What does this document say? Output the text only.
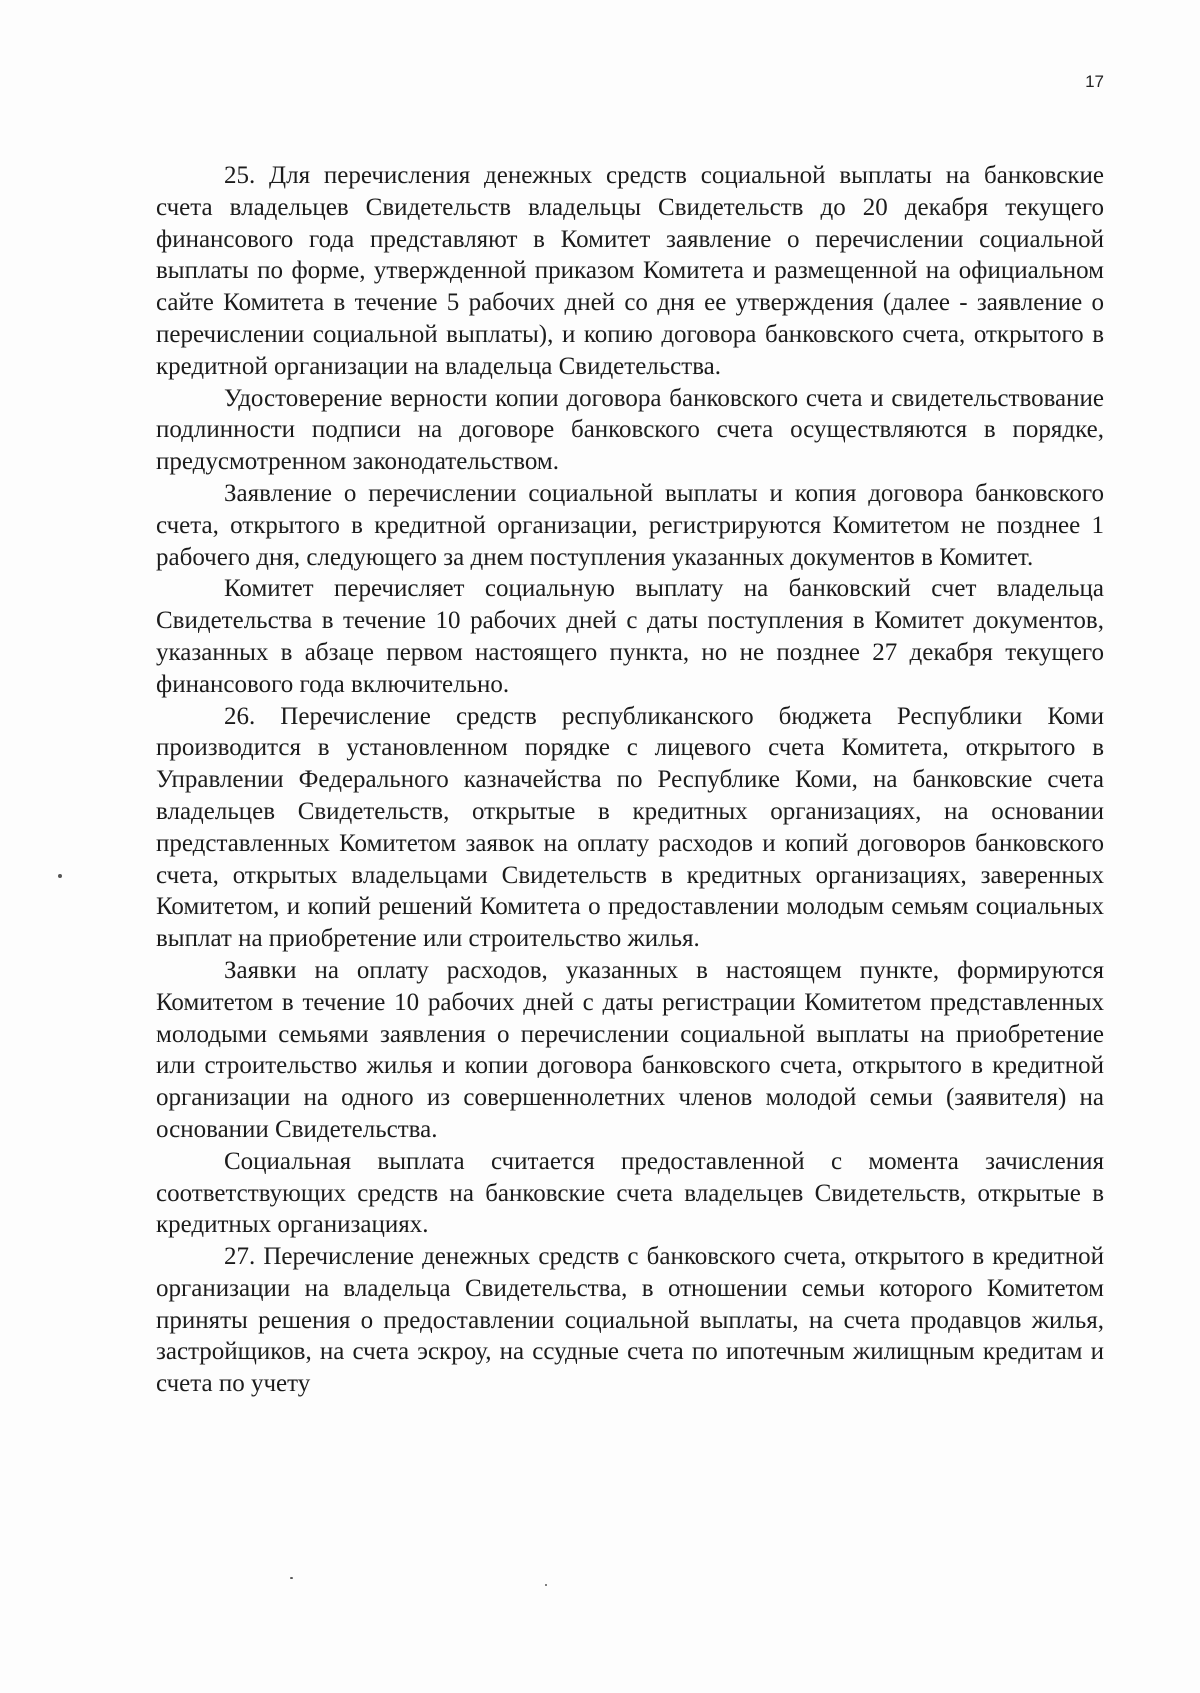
17

25. Для перечисления денежных средств социальной выплаты на банковские счета владельцев Свидетельств владельцы Свидетельств до 20 декабря текущего финансового года представляют в Комитет заявление о перечислении социальной выплаты по форме, утвержденной приказом Комитета и размещенной на официальном сайте Комитета в течение 5 рабочих дней со дня ее утверждения (далее - заявление о перечислении социальной выплаты), и копию договора банковского счета, открытого в кредитной организации на владельца Свидетельства.

Удостоверение верности копии договора банковского счета и свидетельствование подлинности подписи на договоре банковского счета осуществляются в порядке, предусмотренном законодательством.

Заявление о перечислении социальной выплаты и копия договора банковского счета, открытого в кредитной организации, регистрируются Комитетом не позднее 1 рабочего дня, следующего за днем поступления указанных документов в Комитет.

Комитет перечисляет социальную выплату на банковский счет владельца Свидетельства в течение 10 рабочих дней с даты поступления в Комитет документов, указанных в абзаце первом настоящего пункта, но не позднее 27 декабря текущего финансового года включительно.

26. Перечисление средств республиканского бюджета Республики Коми производится в установленном порядке с лицевого счета Комитета, открытого в Управлении Федерального казначейства по Республике Коми, на банковские счета владельцев Свидетельств, открытые в кредитных организациях, на основании представленных Комитетом заявок на оплату расходов и копий договоров банковского счета, открытых владельцами Свидетельств в кредитных организациях, заверенных Комитетом, и копий решений Комитета о предоставлении молодым семьям социальных выплат на приобретение или строительство жилья.

Заявки на оплату расходов, указанных в настоящем пункте, формируются Комитетом в течение 10 рабочих дней с даты регистрации Комитетом представленных молодыми семьями заявления о перечислении социальной выплаты на приобретение или строительство жилья и копии договора банковского счета, открытого в кредитной организации на одного из совершеннолетних членов молодой семьи (заявителя) на основании Свидетельства.

Социальная выплата считается предоставленной с момента зачисления соответствующих средств на банковские счета владельцев Свидетельств, открытые в кредитных организациях.

27. Перечисление денежных средств с банковского счета, открытого в кредитной организации на владельца Свидетельства, в отношении семьи которого Комитетом приняты решения о предоставлении социальной выплаты, на счета продавцов жилья, застройщиков, на счета эскроу, на ссудные счета по ипотечным жилищным кредитам и счета по учету
